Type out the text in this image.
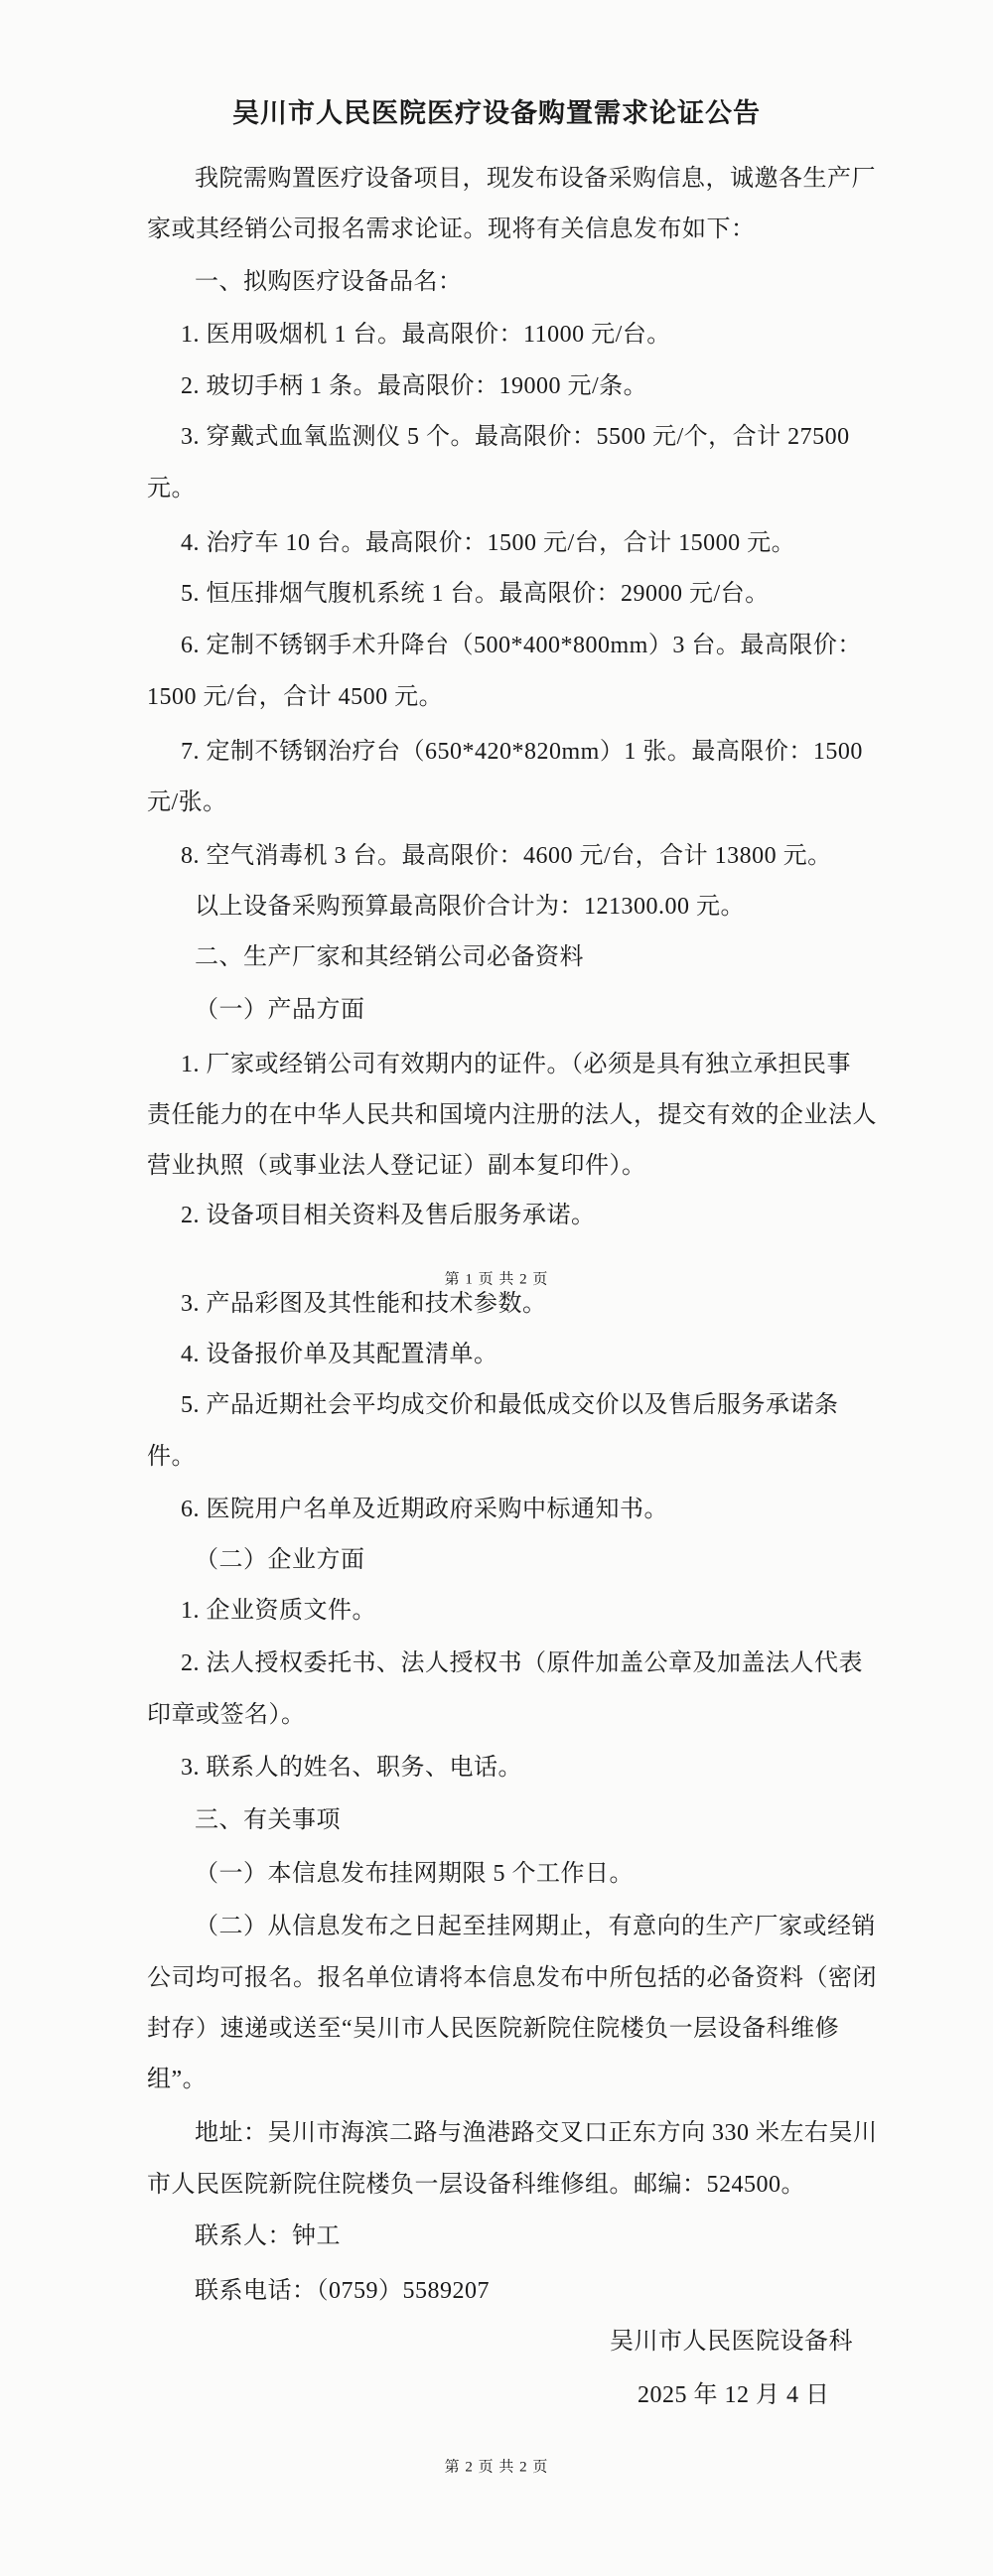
吴川市人民医院医疗设备购置需求论证公告
我院需购置医疗设备项目，现发布设备采购信息，诚邀各生产厂
家或其经销公司报名需求论证。现将有关信息发布如下：
一、拟购医疗设备品名：
1. 医用吸烟机 1 台。最高限价：11000 元/台。
2. 玻切手柄 1 条。最高限价：19000 元/条。
3. 穿戴式血氧监测仪 5 个。最高限价：5500 元/个，合计 27500
元。
4. 治疗车 10 台。最高限价：1500 元/台，合计 15000 元。
5. 恒压排烟气腹机系统 1 台。最高限价：29000 元/台。
6. 定制不锈钢手术升降台（500*400*800mm）3 台。最高限价：
1500 元/台，合计 4500 元。
7. 定制不锈钢治疗台（650*420*820mm）1 张。最高限价：1500
元/张。
8. 空气消毒机 3 台。最高限价：4600 元/台，合计 13800 元。
以上设备采购预算最高限价合计为：121300.00 元。
二、生产厂家和其经销公司必备资料
（一）产品方面
1. 厂家或经销公司有效期内的证件。（必须是具有独立承担民事
责任能力的在中华人民共和国境内注册的法人，提交有效的企业法人
营业执照（或事业法人登记证）副本复印件）。
2. 设备项目相关资料及售后服务承诺。
3. 产品彩图及其性能和技术参数。
4. 设备报价单及其配置清单。
5. 产品近期社会平均成交价和最低成交价以及售后服务承诺条
件。
6. 医院用户名单及近期政府采购中标通知书。
（二）企业方面
1. 企业资质文件。
2. 法人授权委托书、法人授权书（原件加盖公章及加盖法人代表
印章或签名）。
3. 联系人的姓名、职务、电话。
三、有关事项
（一）本信息发布挂网期限 5 个工作日。
（二）从信息发布之日起至挂网期止，有意向的生产厂家或经销
公司均可报名。报名单位请将本信息发布中所包括的必备资料（密闭
封存）速递或送至“吴川市人民医院新院住院楼负一层设备科维修
组”。
地址：吴川市海滨二路与渔港路交叉口正东方向 330 米左右吴川
市人民医院新院住院楼负一层设备科维修组。邮编：524500。
联系人：钟工
联系电话：（0759）5589207
吴川市人民医院设备科
2025 年 12 月 4 日
第 1 页 共 2 页
第 2 页 共 2 页
